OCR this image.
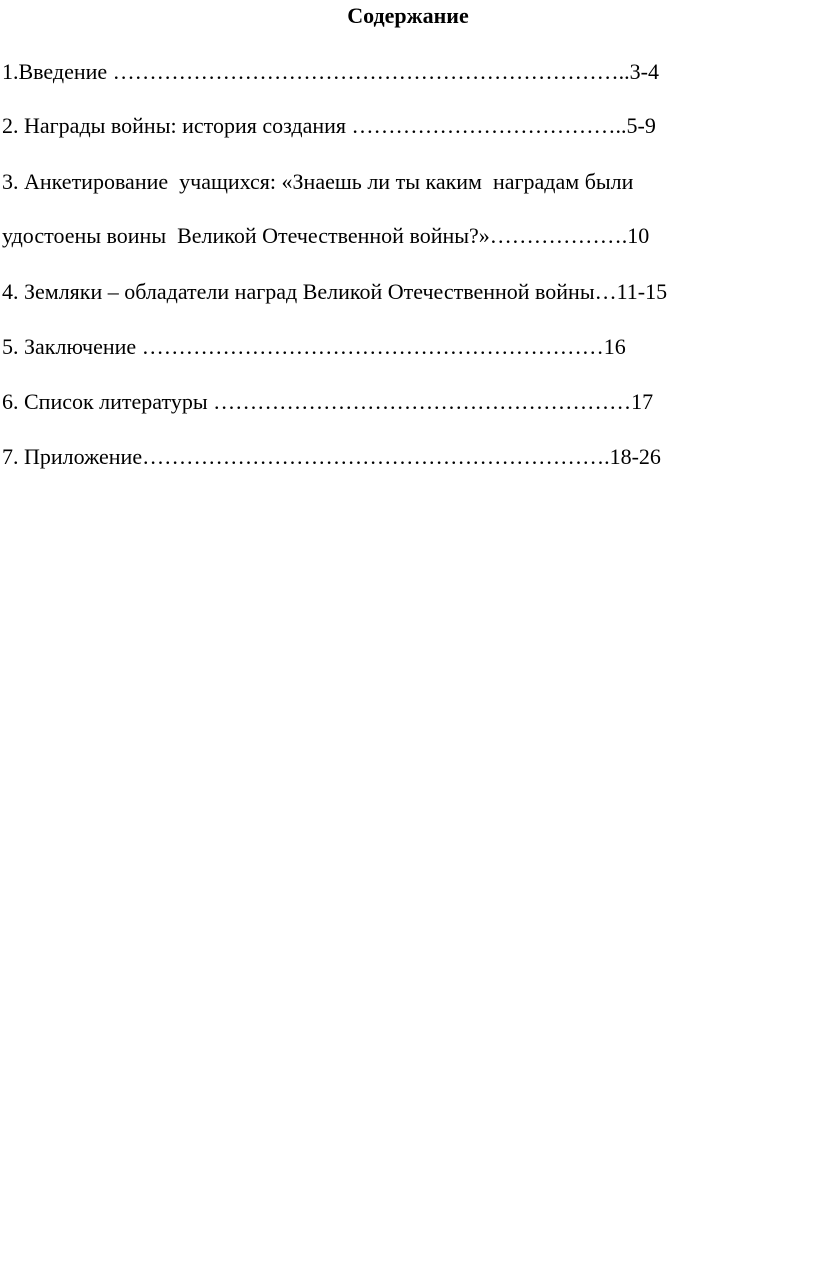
Содержание
1.Введение ……………………………………………………………..3-4
2. Награды войны: история создания ………………………………..5-9
3. Анкетирование  учащихся: «Знаешь ли ты каким  наградам были
удостоены воины  Великой Отечественной войны?»……………….10
4. Земляки – обладатели наград Великой Отечественной войны…11-15
5. Заключение ………………………………………………………16
6. Список литературы …………………………………………………17
7. Приложение……………………………………………………….18-26
